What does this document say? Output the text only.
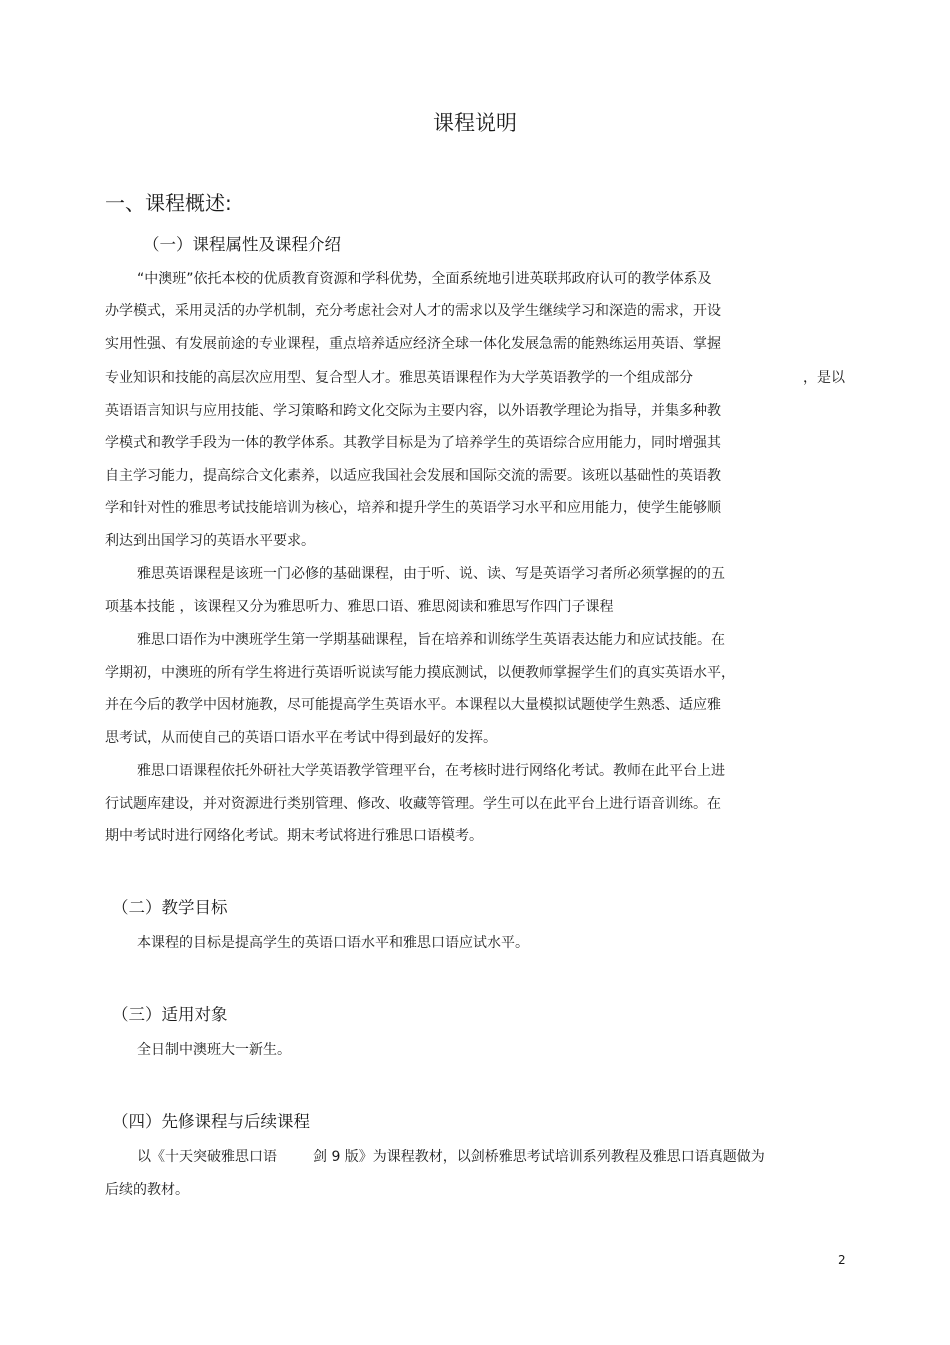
课程说明
一、课程概述:
（一）课程属性及课程介绍
“中澳班”依托本校的优质教育资源和学科优势，全面系统地引进英联邦政府认可的教学体系及
办学模式，采用灵活的办学机制，充分考虑社会对人才的需求以及学生继续学习和深造的需求，开设
实用性强、有发展前途的专业课程，重点培养适应经济全球一体化发展急需的能熟练运用英语、掌握
专业知识和技能的高层次应用型、复合型人才。雅思英语课程作为大学英语教学的一个组成部分	，是以
英语语言知识与应用技能、学习策略和跨文化交际为主要内容，以外语教学理论为指导，并集多种教
学模式和教学手段为一体的教学体系。其教学目标是为了培养学生的英语综合应用能力，同时增强其
自主学习能力，提高综合文化素养，以适应我国社会发展和国际交流的需要。该班以基础性的英语教
学和针对性的雅思考试技能培训为核心，培养和提升学生的英语学习水平和应用能力，使学生能够顺
利达到出国学习的英语水平要求。
雅思英语课程是该班一门必修的基础课程，由于听、说、读、写是英语学习者所必须掌握的的五
项基本技能 ，该课程又分为雅思听力、雅思口语、雅思阅读和雅思写作四门子课程
雅思口语作为中澳班学生第一学期基础课程，旨在培养和训练学生英语表达能力和应试技能。在
学期初，中澳班的所有学生将进行英语听说读写能力摸底测试，以便教师掌握学生们的真实英语水平，
并在今后的教学中因材施教，尽可能提高学生英语水平。本课程以大量模拟试题使学生熟悉、适应雅
思考试，从而使自己的英语口语水平在考试中得到最好的发挥。
雅思口语课程依托外研社大学英语教学管理平台，在考核时进行网络化考试。教师在此平台上进
行试题库建设，并对资源进行类别管理、修改、收藏等管理。学生可以在此平台上进行语音训练。在
期中考试时进行网络化考试。期末考试将进行雅思口语模考。
（二）教学目标
本课程的目标是提高学生的英语口语水平和雅思口语应试水平。
（三）适用对象
全日制中澳班大一新生。
（四）先修课程与后续课程
以《十天突破雅思口语	剑 9 版》为课程教材，以剑桥雅思考试培训系列教程及雅思口语真题做为
后续的教材。
2
